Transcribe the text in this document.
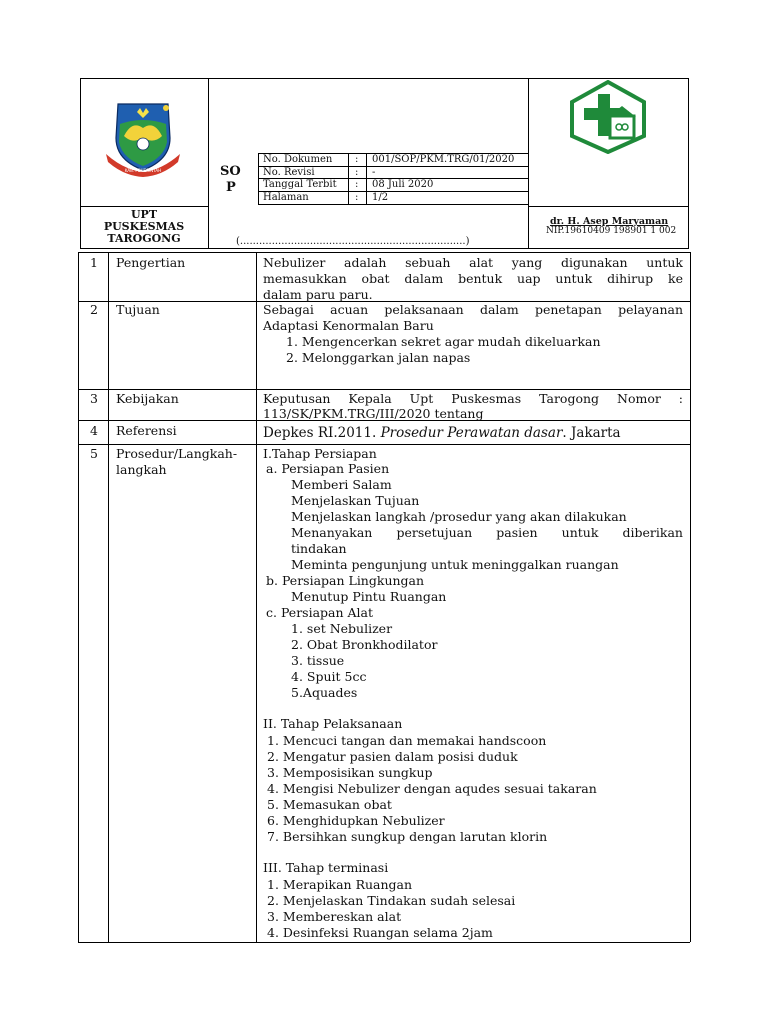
KAB. PEMERINTAH
UPT
PUSKESMAS
TAROGONG
SO
P
No. Dokumen : 001/SOP/PKM.TRG/01/2020
No. Revisi	: -
Tanggal Terbit : 08 Juli 2020
Halaman	: 1/2
(.......................................................................)
dr. H. Asep Maryaman
NIP.19610409 198901 1 002
1 Pengertian	Nebulizer adalah sebuah alat yang digunakan untuk
memasukkan obat dalam bentuk uap untuk dihirup ke
dalam paru paru.
2 Tujuan	Sebagai acuan pelaksanaan dalam penetapan pelayanan
Adaptasi Kenormalan Baru
1. Mengencerkan sekret agar mudah dikeluarkan
2. Melonggarkan jalan napas
3 Kebijakan	Keputusan Kepala Upt Puskesmas Tarogong Nomor :
113/SK/PKM.TRG/III/2020 tentang
4 Referensi	Depkes RI.2011. Prosedur Perawatan dasar. Jakarta
5 Prosedur/Langkah-
langkah
I.Tahap Persiapan
a. Persiapan Pasien
Memberi Salam
Menjelaskan Tujuan
Menjelaskan langkah /prosedur yang akan dilakukan
Menanyakan persetujuan pasien untuk diberikan
tindakan
Meminta pengunjung untuk meninggalkan ruangan
b. Persiapan Lingkungan
Menutup Pintu Ruangan
c. Persiapan Alat
1. set Nebulizer
2. Obat Bronkhodilator
3. tissue
4. Spuit 5cc
5.Aquades
II. Tahap Pelaksanaan
1. Mencuci tangan dan memakai handscoon
2. Mengatur pasien dalam posisi duduk
3. Memposisikan sungkup
4. Mengisi Nebulizer dengan aqudes sesuai takaran
5. Memasukan obat
6. Menghidupkan Nebulizer
7. Bersihkan sungkup dengan larutan klorin
III. Tahap terminasi
1. Merapikan Ruangan
2. Menjelaskan Tindakan sudah selesai
3. Membereskan alat
4. Desinfeksi Ruangan selama 2jam
